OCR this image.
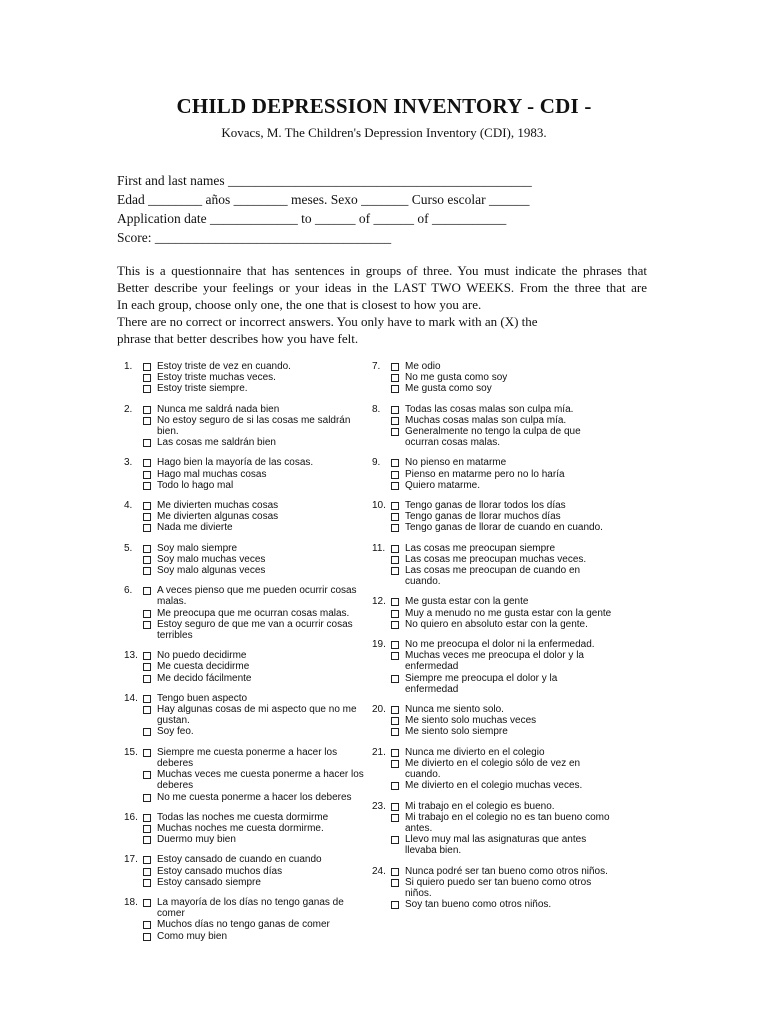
CHILD DEPRESSION INVENTORY - CDI -
Kovacs, M. The Children's Depression Inventory (CDI), 1983.
First and last names _____________________________________________
Edad ________ años ________ meses. Sexo _______ Curso escolar ______
Application date _____________ to ______ of ______ of ___________
Score: ___________________________________
This is a questionnaire that has sentences in groups of three. You must indicate the phrases that
Better describe your feelings or your ideas in the LAST TWO WEEKS. From the three that are
In each group, choose only one, the one that is closest to how you are.
There are no correct or incorrect answers. You only have to mark with an (X) the
phrase that better describes how you have felt.
1.	Estoy triste de vez en cuando.
Estoy triste muchas veces.
Estoy triste siempre.
2.	Nunca me saldrá nada bien
No estoy seguro de si las cosas me saldrán bien.
Las cosas me saldrán bien
3.	Hago bien la mayoría de las cosas.
Hago mal muchas cosas
Todo lo hago mal
4.	Me divierten muchas cosas
Me divierten algunas cosas
Nada me divierte
5.	Soy malo siempre
Soy malo muchas veces
Soy malo algunas veces
6.	A veces pienso que me pueden ocurrir cosas malas.
Me preocupa que me ocurran cosas malas.
Estoy seguro de que me van a ocurrir cosas terribles
13. No puedo decidirme
Me cuesta decidirme
Me decido fácilmente
14. Tengo buen aspecto
Hay algunas cosas de mi aspecto que no me gustan.
Soy feo.
15. Siempre me cuesta ponerme a hacer los deberes
Muchas veces me cuesta ponerme a hacer los deberes
No me cuesta ponerme a hacer los deberes
16. Todas las noches me cuesta dormirme
Muchas noches me cuesta dormirme.
Duermo muy bien
17. Estoy cansado de cuando en cuando
Estoy cansado muchos días
Estoy cansado siempre
18. La mayoría de los días no tengo ganas de comer
Muchos días no tengo ganas de comer
Como muy bien
7.	Me odio
No me gusta como soy
Me gusta como soy
8.	Todas las cosas malas son culpa mía.
Muchas cosas malas son culpa mía.
Generalmente no tengo la culpa de que ocurran cosas malas.
9.	No pienso en matarme
Pienso en matarme pero no lo haría
Quiero matarme.
10. Tengo ganas de llorar todos los días
Tengo ganas de llorar muchos días
Tengo ganas de llorar de cuando en cuando.
11. Las cosas me preocupan siempre
Las cosas me preocupan muchas veces.
Las cosas me preocupan de cuando en cuando.
12. Me gusta estar con la gente
Muy a menudo no me gusta estar con la gente
No quiero en absoluto estar con la gente.
19. No me preocupa el dolor ni la enfermedad.
Muchas veces me preocupa el dolor y la enfermedad
Siempre me preocupa el dolor y la enfermedad
20. Nunca me siento solo.
Me siento solo muchas veces
Me siento solo siempre
21. Nunca me divierto en el colegio
Me divierto en el colegio sólo de vez en cuando.
Me divierto en el colegio muchas veces.
23. Mi trabajo en el colegio es bueno.
Mi trabajo en el colegio no es tan bueno como antes.
Llevo muy mal las asignaturas que antes llevaba bien.
24. Nunca podré ser tan bueno como otros niños.
Si quiero puedo ser tan bueno como otros niños.
Soy tan bueno como otros niños.
